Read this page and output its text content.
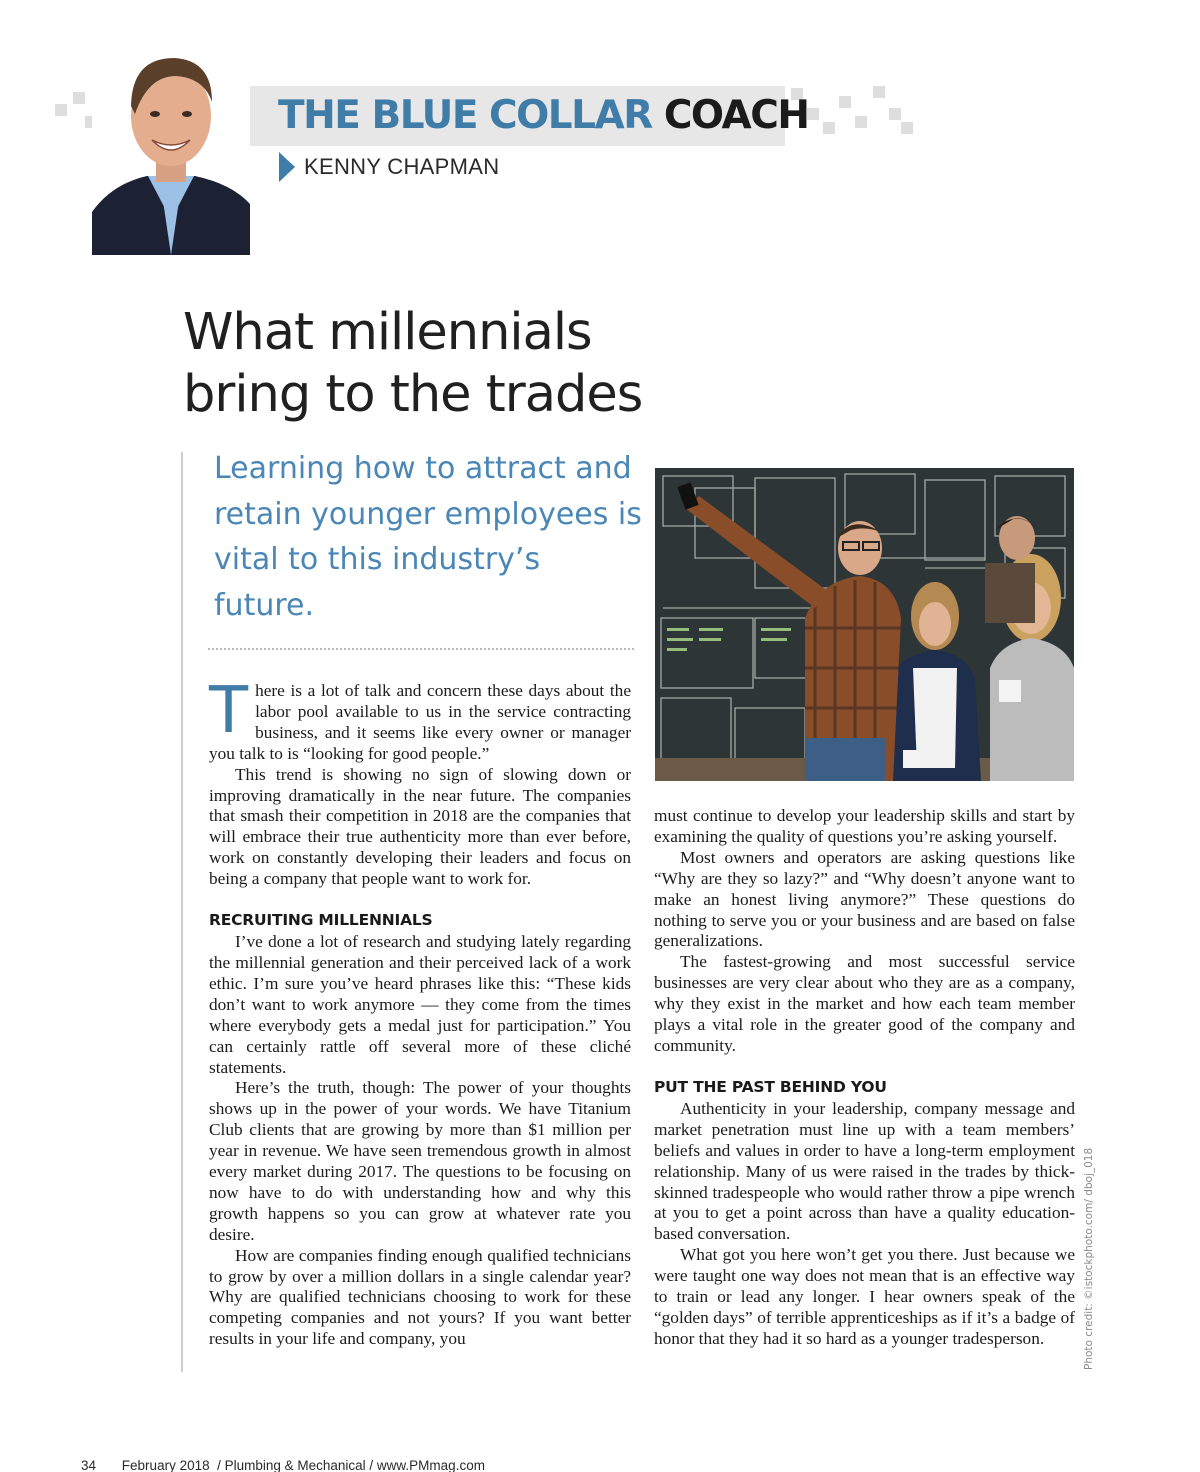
THE BLUE COLLAR COACH
KENNY CHAPMAN
What millennials
bring to the trades
Learning how to attract and retain younger employees is vital to this industry’s future.

There is a lot of talk and concern these days about the labor pool available to us in the service contracting business, and it seems like every owner or manager you talk to is “looking for good people.”

This trend is showing no sign of slowing down or improving dramatically in the near future. The companies that smash their competition in 2018 are the companies that will embrace their true authenticity more than ever before, work on constantly developing their leaders and focus on being a company that people want to work for.

RECRUITING MILLENNIALS

I’ve done a lot of research and studying lately regarding the millennial generation and their perceived lack of a work ethic. I’m sure you’ve heard phrases like this: “These kids don’t want to work anymore — they come from the times where everybody gets a medal just for participation.” You can certainly rattle off several more of these cliché statements.

Here’s the truth, though: The power of your thoughts shows up in the power of your words. We have Titanium Club clients that are growing by more than $1 million per year in revenue. We have seen tremendous growth in almost every market during 2017. The questions to be focusing on now have to do with understanding how and why this growth happens so you can grow at whatever rate you desire.

How are companies finding enough qualified technicians to grow by over a million dollars in a single calendar year? Why are qualified technicians choosing to work for these competing companies and not yours? If you want better results in your life and company, you

must continue to develop your leadership skills and start by examining the quality of questions you’re asking yourself.

Most owners and operators are asking questions like “Why are they so lazy?” and “Why doesn’t anyone want to make an honest living anymore?” These questions do nothing to serve you or your business and are based on false generalizations.

The fastest-growing and most successful service businesses are very clear about who they are as a company, why they exist in the market and how each team member plays a vital role in the greater good of the company and community.

PUT THE PAST BEHIND YOU

Authenticity in your leadership, company message and market penetration must line up with a team members’ beliefs and values in order to have a long-term employment relationship. Many of us were raised in the trades by thick-skinned tradespeople who would rather throw a pipe wrench at you to get a point across than have a quality education-based conversation.

What got you here won’t get you there. Just because we were taught one way does not mean that is an effective way to train or lead any longer. I hear owners speak of the “golden days” of terrible apprenticeships as if it’s a badge of honor that they had it so hard as a younger tradesperson.	Photo credit: ©istockphoto.com/ dboj_018
34 February 2018  / Plumbing & Mechanical / www.PMmag.com
